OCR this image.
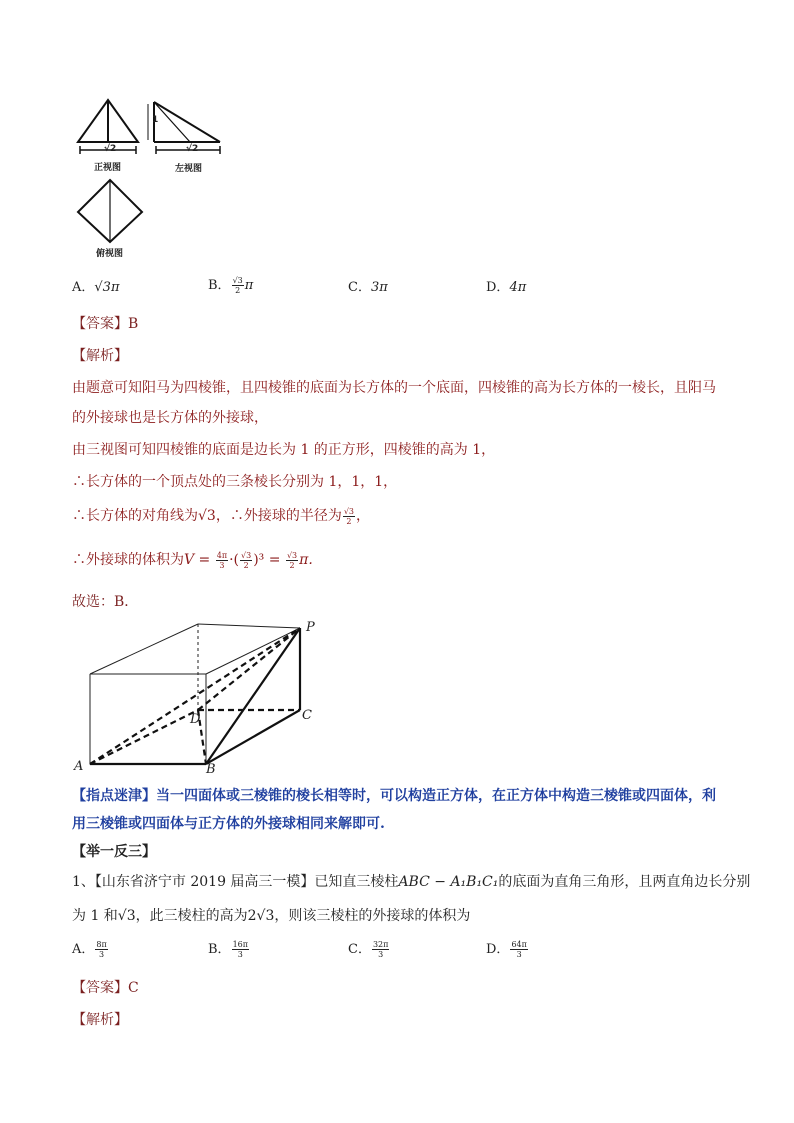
√2
正视图
√2
1
左视图
俯视图
A．√3π	B． $\frac{√3}{2}$ π	C．3π	D．4π
【答案】B
【解析】
由题意可知阳马为四棱锥，且四棱锥的底面为长方体的一个底面，四棱锥的高为长方体的一棱长，且阳马
的外接球也是长方体的外接球，
由三视图可知四棱锥的底面是边长为 1 的正方形，四棱锥的高为 1，
∴长方体的一个顶点处的三条棱长分别为 1，1，1，
∴长方体的对角线为√3，∴外接球的半径为 $\frac{√3}{2}$ ，
∴外接球的体积为$V = \frac{4\pi}{3}$ ·( $\frac{√3}{2} )^3 = \frac{√3}{2} \pi$.
故选：B．
P
C
D
A	B
【指点迷津】当一四面体或三棱锥的棱长相等时，可以构造正方体，在正方体中构造三棱锥或四面体，利
用三棱锥或四面体与正方体的外接球相同来解即可.
【举一反三】
1、【山东省济宁市 2019 届高三一模】已知直三棱柱ABC − A₁B₁C₁的底面为直角三角形，且两直角边长分别
为 1 和√3，此三棱柱的高为2√3，则该三棱柱的外接球的体积为
A． $\frac{8\pi}{3}$	B． $\frac{16\pi}{3}$	C． $\frac{32\pi}{3}$	D． $\frac{64\pi}{3}$
【答案】C
【解析】
